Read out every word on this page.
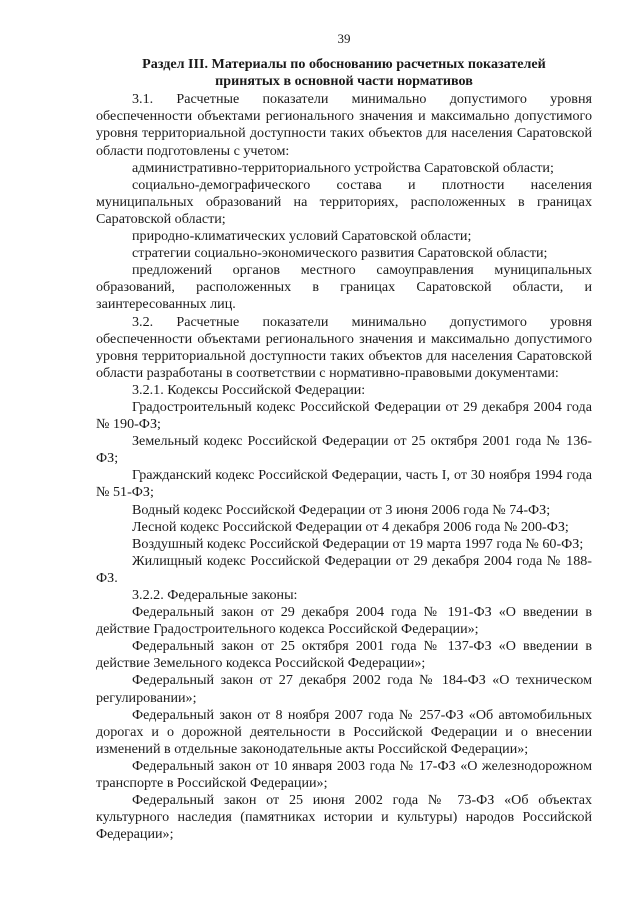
39
Раздел III. Материалы по обоснованию расчетных показателей
принятых в основной части нормативов

3.1. Расчетные показатели минимально допустимого уровня обеспеченности объектами регионального значения и максимально допустимого уровня территориальной доступности таких объектов для населения Саратовской области подготовлены с учетом:

административно-территориального устройства Саратовской области;

социально-демографического состава и плотности населения муниципальных образований на территориях, расположенных в границах Саратовской области;

природно-климатических условий Саратовской области;

стратегии социально-экономического развития Саратовской области;

предложений органов местного самоуправления муниципальных образований, расположенных в границах Саратовской области, и заинтересованных лиц.

3.2. Расчетные показатели минимально допустимого уровня обеспеченности объектами регионального значения и максимально допустимого уровня территориальной доступности таких объектов для населения Саратовской области разработаны в соответствии с нормативно-правовыми документами:

3.2.1. Кодексы Российской Федерации:

Градостроительный кодекс Российской Федерации от 29 декабря 2004 года № 190-ФЗ;

Земельный кодекс Российской Федерации от 25 октября 2001 года № 136-ФЗ;

Гражданский кодекс Российской Федерации, часть I, от 30 ноября 1994 года № 51-ФЗ;

Водный кодекс Российской Федерации от 3 июня 2006 года № 74-ФЗ;

Лесной кодекс Российской Федерации от 4 декабря 2006 года № 200-ФЗ;

Воздушный кодекс Российской Федерации от 19 марта 1997 года № 60-ФЗ;

Жилищный кодекс Российской Федерации от 29 декабря 2004 года № 188-ФЗ.

3.2.2. Федеральные законы:

Федеральный закон от 29 декабря 2004 года № 191-ФЗ «О введении в действие Градостроительного кодекса Российской Федерации»;

Федеральный закон от 25 октября 2001 года № 137-ФЗ «О введении в действие Земельного кодекса Российской Федерации»;

Федеральный закон от 27 декабря 2002 года № 184-ФЗ «О техническом регулировании»;

Федеральный закон от 8 ноября 2007 года № 257-ФЗ «Об автомобильных дорогах и о дорожной деятельности в Российской Федерации и о внесении изменений в отдельные законодательные акты Российской Федерации»;

Федеральный закон от 10 января 2003 года № 17-ФЗ «О железнодорожном транспорте в Российской Федерации»;

Федеральный закон от 25 июня 2002 года № 73-ФЗ «Об объектах культурного наследия (памятниках истории и культуры) народов Российской Федерации»;
